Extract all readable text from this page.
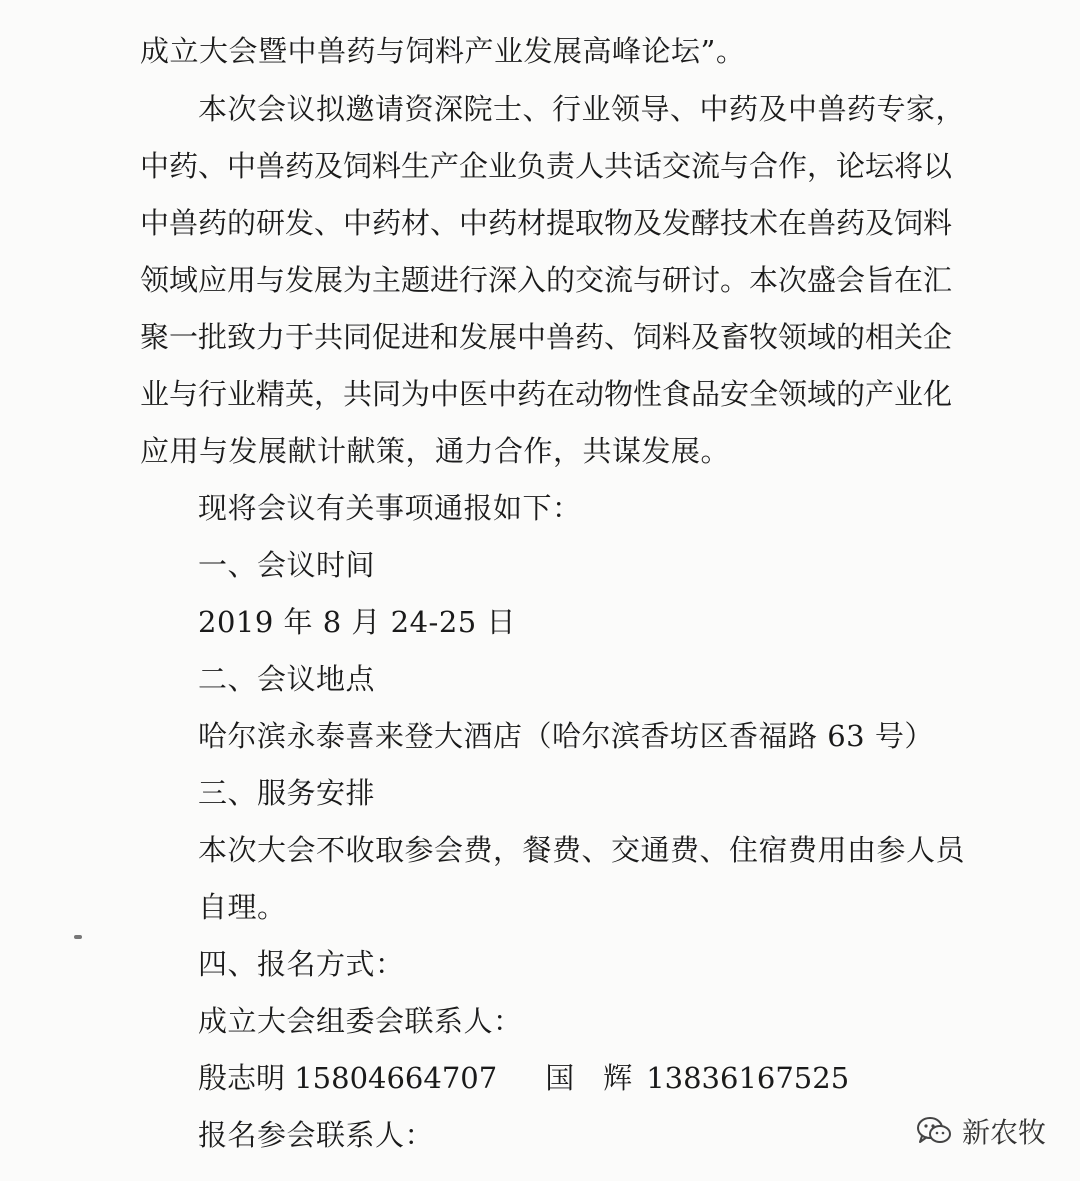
成立大会暨中兽药与饲料产业发展高峰论坛”。
本次会议拟邀请资深院士、行业领导、中药及中兽药专家，
中药、中兽药及饲料生产企业负责人共话交流与合作，论坛将以
中兽药的研发、中药材、中药材提取物及发酵技术在兽药及饲料
领域应用与发展为主题进行深入的交流与研讨。本次盛会旨在汇
聚一批致力于共同促进和发展中兽药、饲料及畜牧领域的相关企
业与行业精英，共同为中医中药在动物性食品安全领域的产业化
应用与发展献计献策，通力合作，共谋发展。
现将会议有关事项通报如下：
一、会议时间
2019 年 8 月 24-25 日
二、会议地点
哈尔滨永泰喜来登大酒店（哈尔滨香坊区香福路 63 号）
三、服务安排
本次大会不收取参会费，餐费、交通费、住宿费用由参人员
自理。
四、报名方式：
成立大会组委会联系人：
殷志明 15804664707 国　辉 13836167525
报名参会联系人：	新农牧
